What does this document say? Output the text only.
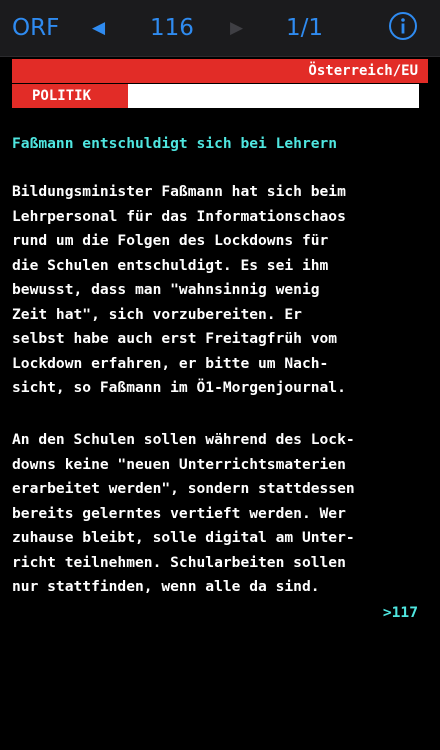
ORF ◀ 116 ▶ 1/1
Österreich/EU
POLITIK
Faßmann entschuldigt sich bei Lehrern
Bildungsminister Faßmann hat sich beim
Lehrpersonal für das Informationschaos
rund um die Folgen des Lockdowns für
die Schulen entschuldigt. Es sei ihm
bewusst, dass man "wahnsinnig wenig
Zeit hat", sich vorzubereiten. Er
selbst habe auch erst Freitagfrüh vom
Lockdown erfahren, er bitte um Nach-
sicht, so Faßmann im Ö1-Morgenjournal.
An den Schulen sollen während des Lock-
downs keine "neuen Unterrichtsmaterien
erarbeitet werden", sondern stattdessen
bereits gelerntes vertieft werden. Wer
zuhause bleibt, solle digital am Unter-
richt teilnehmen. Schularbeiten sollen
nur stattfinden, wenn alle da sind.
>117
